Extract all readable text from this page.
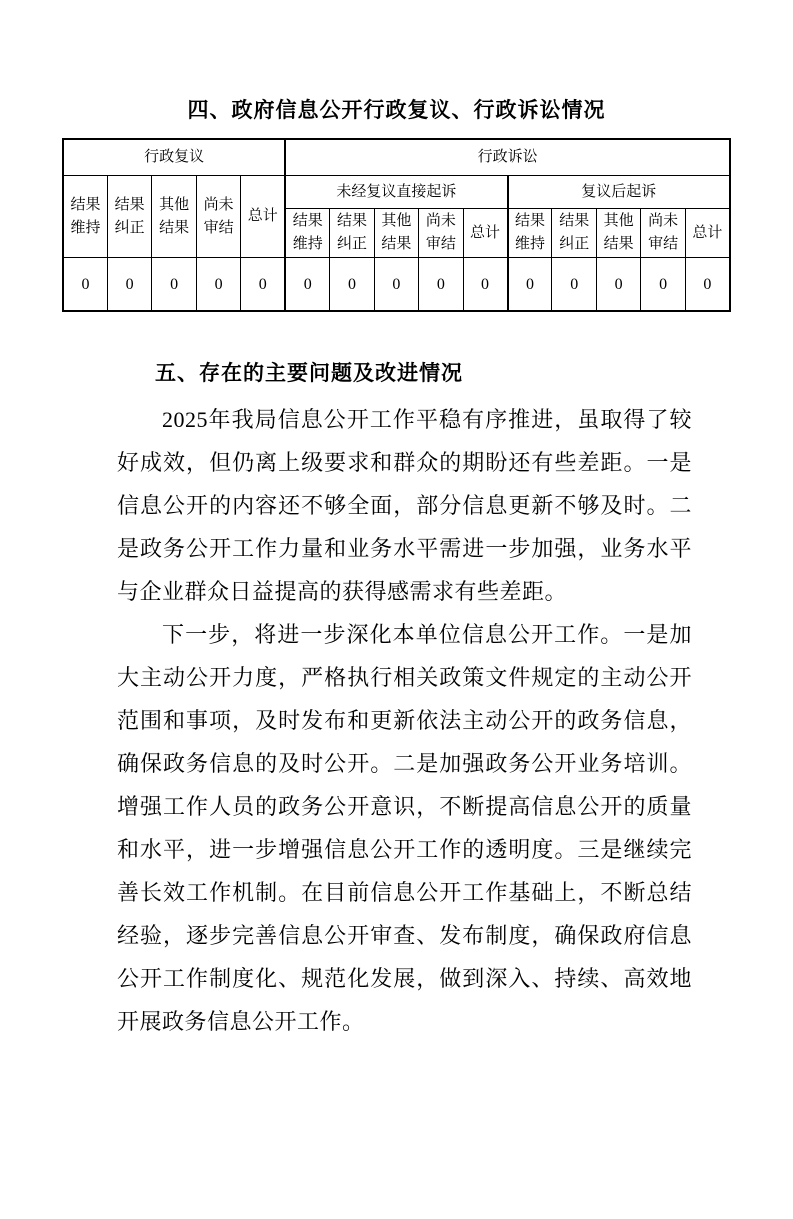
四、政府信息公开行政复议、行政诉讼情况
行政复议					行政诉讼									
结果维持	结果纠正	其他结果	尚未审结	总计	未经复议直接起诉					复议后起诉				
					结果维持	结果纠正	其他结果	尚未审结	总计	结果维持	结果纠正	其他结果	尚未审结	总计
0	0	0	0	0	0	0	0	0	0	0	0	0	0	0
五、存在的主要问题及改进情况

2025年我局信息公开工作平稳有序推进，虽取得了较好成效，但仍离上级要求和群众的期盼还有些差距。一是信息公开的内容还不够全面，部分信息更新不够及时。二是政务公开工作力量和业务水平需进一步加强，业务水平与企业群众日益提高的获得感需求有些差距。

下一步，将进一步深化本单位信息公开工作。一是加大主动公开力度，严格执行相关政策文件规定的主动公开范围和事项，及时发布和更新依法主动公开的政务信息，确保政务信息的及时公开。二是加强政务公开业务培训。增强工作人员的政务公开意识，不断提高信息公开的质量和水平，进一步增强信息公开工作的透明度。三是继续完善长效工作机制。在目前信息公开工作基础上，不断总结经验，逐步完善信息公开审查、发布制度，确保政府信息公开工作制度化、规范化发展，做到深入、持续、高效地开展政务信息公开工作。
